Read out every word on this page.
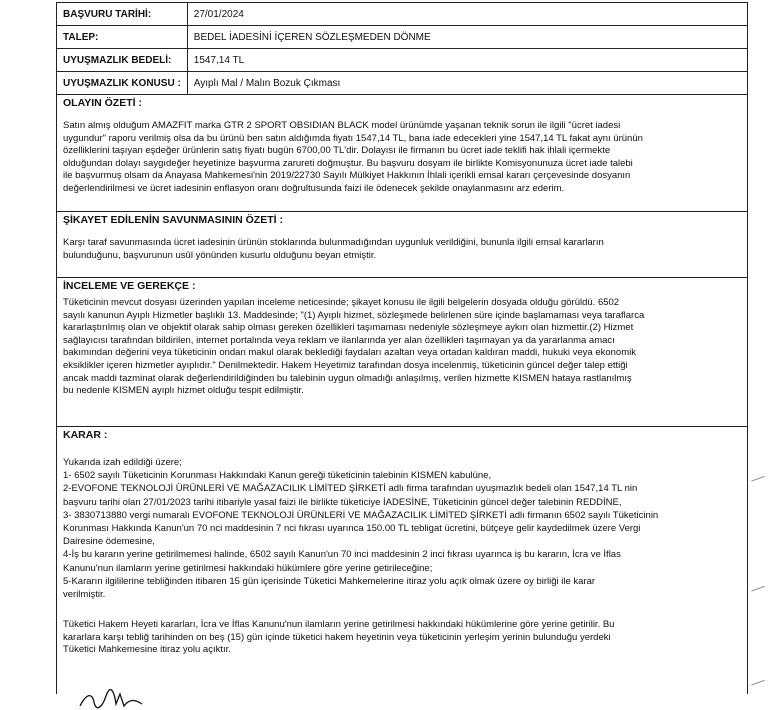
BAŞVURU TARİHİ:	27/01/2024
TALEP:	BEDEL İADESİNİ İÇEREN SÖZLEŞMEDEN DÖNME
UYUŞMAZLIK BEDELİ:	1547,14 TL
UYUŞMAZLIK KONUSU :	Ayıplı Mal / Malın Bozuk Çıkması
OLAYIN ÖZETİ :

Satın almış olduğum AMAZFIT marka GTR 2 SPORT OBSIDIAN BLACK model ürünümde yaşanan teknik sorun ile ilgili "ücret iadesi

uygundur" raporu verilmiş olsa da bu ürünü ben satın aldığımda fiyatı 1547,14 TL, bana iade edecekleri yine 1547,14 TL fakat aynı ürünün

özelliklerini taşıyan eşdeğer ürünlerin satış fiyatı bugün 6700,00 TL'dir. Dolayısı ile firmanın bu ücret iade teklifi hak ihlali içermekte

olduğundan dolayı saygıdeğer heyetinize başvurma zarureti doğmuştur. Bu başvuru dosyam ile birlikte Komisyonunuza ücret iade talebi

ile başvurmuş olsam da Anayasa Mahkemesi'nin 2019/22730 Sayılı Mülkiyet Hakkının İhlali içerikli emsal kararı çerçevesinde dosyanın

değerlendirilmesi ve ücret iadesinin enflasyon oranı doğrultusunda faizi ile ödenecek şekilde onaylanmasını arz ederim.

ŞİKAYET EDİLENİN SAVUNMASININ ÖZETİ :

Karşı taraf savunmasında ücret iadesinin ürünün stoklarında bulunmadığından uygunluk verildiğini, bununla ilgili emsal kararların

bulunduğunu, başvurunun usûl yönünden kusurlu olduğunu beyan etmiştir.

İNCELEME VE GEREKÇE :

Tüketicinin mevcut dosyası üzerinden yapılan inceleme neticesinde; şikayet konusu ile ilgili belgelerin dosyada olduğu görüldü. 6502

sayılı kanunun Ayıplı Hizmetler başlıklı 13. Maddesinde; "(1) Ayıplı hizmet, sözleşmede belirlenen süre içinde başlamaması veya taraflarca

kararlaştırılmış olan ve objektif olarak sahip olması gereken özellikleri taşımaması nedeniyle sözleşmeye aykırı olan hizmettir.(2) Hizmet

sağlayıcısı tarafından bildirilen, internet portalında veya reklam ve ilanlarında yer alan özellikleri taşımayan ya da yararlanma amacı

bakımından değerini veya tüketicinin ondan makul olarak beklediği faydaları azaltan veya ortadan kaldıran maddi, hukuki veya ekonomik

eksiklikler içeren hizmetler ayıplıdır." Denilmektedir. Hakem Heyetimiz tarafından dosya incelenmiş, tüketicinin güncel değer talep ettiği

ancak maddi tazminat olarak değerlendirildiğinden bu talebinin uygun olmadığı anlaşılmış, verilen hizmette KISMEN hataya rastlanılmış

bu nedenle KISMEN ayıplı hizmet olduğu tespit edilmiştir.

KARAR :

Yukarıda izah edildiği üzere;

1- 6502 sayılı Tüketicinin Korunması Hakkındaki Kanun gereği tüketicinin talebinin KISMEN kabulüne,

2-EVOFONE TEKNOLOJİ ÜRÜNLERİ VE MAĞAZACILIK LİMİTED ŞİRKETİ adlı firma tarafından uyuşmazlık bedeli olan 1547,14 TL nin

başvuru tarihi olan 27/01/2023 tarihi itibariyle yasal faizi ile birlikte tüketiciye İADESİNE, Tüketicinin güncel değer talebinin REDDİNE,

3- 3830713880 vergi numaralı EVOFONE TEKNOLOJİ ÜRÜNLERİ VE MAĞAZACILIK LİMİTED ŞİRKETİ adlı firmanın 6502 sayılı Tüketicinin

Korunması Hakkında Kanun'un 70 nci maddesinin 7 nci fıkrası uyarınca 150.00 TL tebligat ücretini, bütçeye gelir kaydedilmek üzere Vergi

Dairesine ödemesine,

4-İş bu kararın yerine getirilmemesi halinde, 6502 sayılı Kanun'un 70 inci maddesinin 2 inci fıkrası uyarınca iş bu kararın, İcra ve İflas

Kanunu'nun ilamların yerine getirilmesi hakkındaki hükümlere göre yerine getirileceğine;

5-Kararın ilgililerine tebliğinden itibaren 15 gün içerisinde Tüketici Mahkemelerine itiraz yolu açık olmak üzere oy birliği ile karar

verilmiştir.

Tüketici Hakem Heyeti kararları, İcra ve İflas Kanunu'nun ilamların yerine getirilmesi hakkındaki hükümlerine göre yerine getirilir. Bu

kararlara karşı tebliğ tarihinden on beş (15) gün içinde tüketici hakem heyetinin veya tüketicinin yerleşim yerinin bulunduğu yerdeki

Tüketici Mahkemesine itiraz yolu açıktır.
